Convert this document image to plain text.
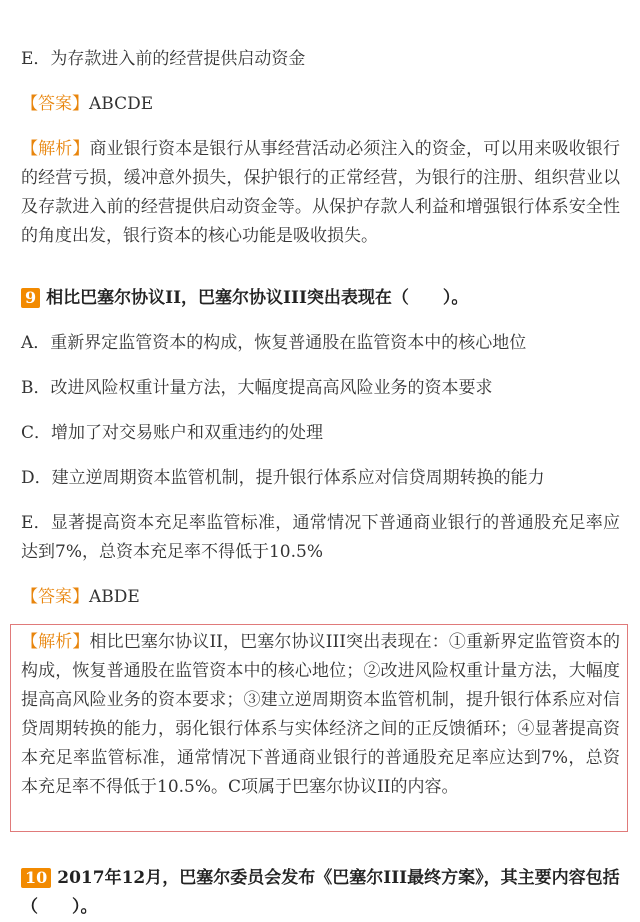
E．为存款进入前的经营提供启动资金
【答案】ABCDE
【解析】商业银行资本是银行从事经营活动必须注入的资金，可以用来吸收银行的经营亏损，缓冲意外损失，保护银行的正常经营，为银行的注册、组织营业以及存款进入前的经营提供启动资金等。从保护存款人利益和增强银行体系安全性的角度出发，银行资本的核心功能是吸收损失。
9 相比巴塞尔协议II，巴塞尔协议III突出表现在（　　）。
A．重新界定监管资本的构成，恢复普通股在监管资本中的核心地位
B．改进风险权重计量方法，大幅度提高高风险业务的资本要求
C．增加了对交易账户和双重违约的处理
D．建立逆周期资本监管机制，提升银行体系应对信贷周期转换的能力
E．显著提高资本充足率监管标准，通常情况下普通商业银行的普通股充足率应达到7%，总资本充足率不得低于10.5%
【答案】ABDE
【解析】相比巴塞尔协议II，巴塞尔协议III突出表现在：①重新界定监管资本的构成，恢复普通股在监管资本中的核心地位；②改进风险权重计量方法，大幅度提高高风险业务的资本要求；③建立逆周期资本监管机制，提升银行体系应对信贷周期转换的能力，弱化银行体系与实体经济之间的正反馈循环；④显著提高资本充足率监管标准，通常情况下普通商业银行的普通股充足率应达到7%，总资本充足率不得低于10.5%。C项属于巴塞尔协议II的内容。
10 2017年12月，巴塞尔委员会发布《巴塞尔III最终方案》，其主要内容包括（　　）。
